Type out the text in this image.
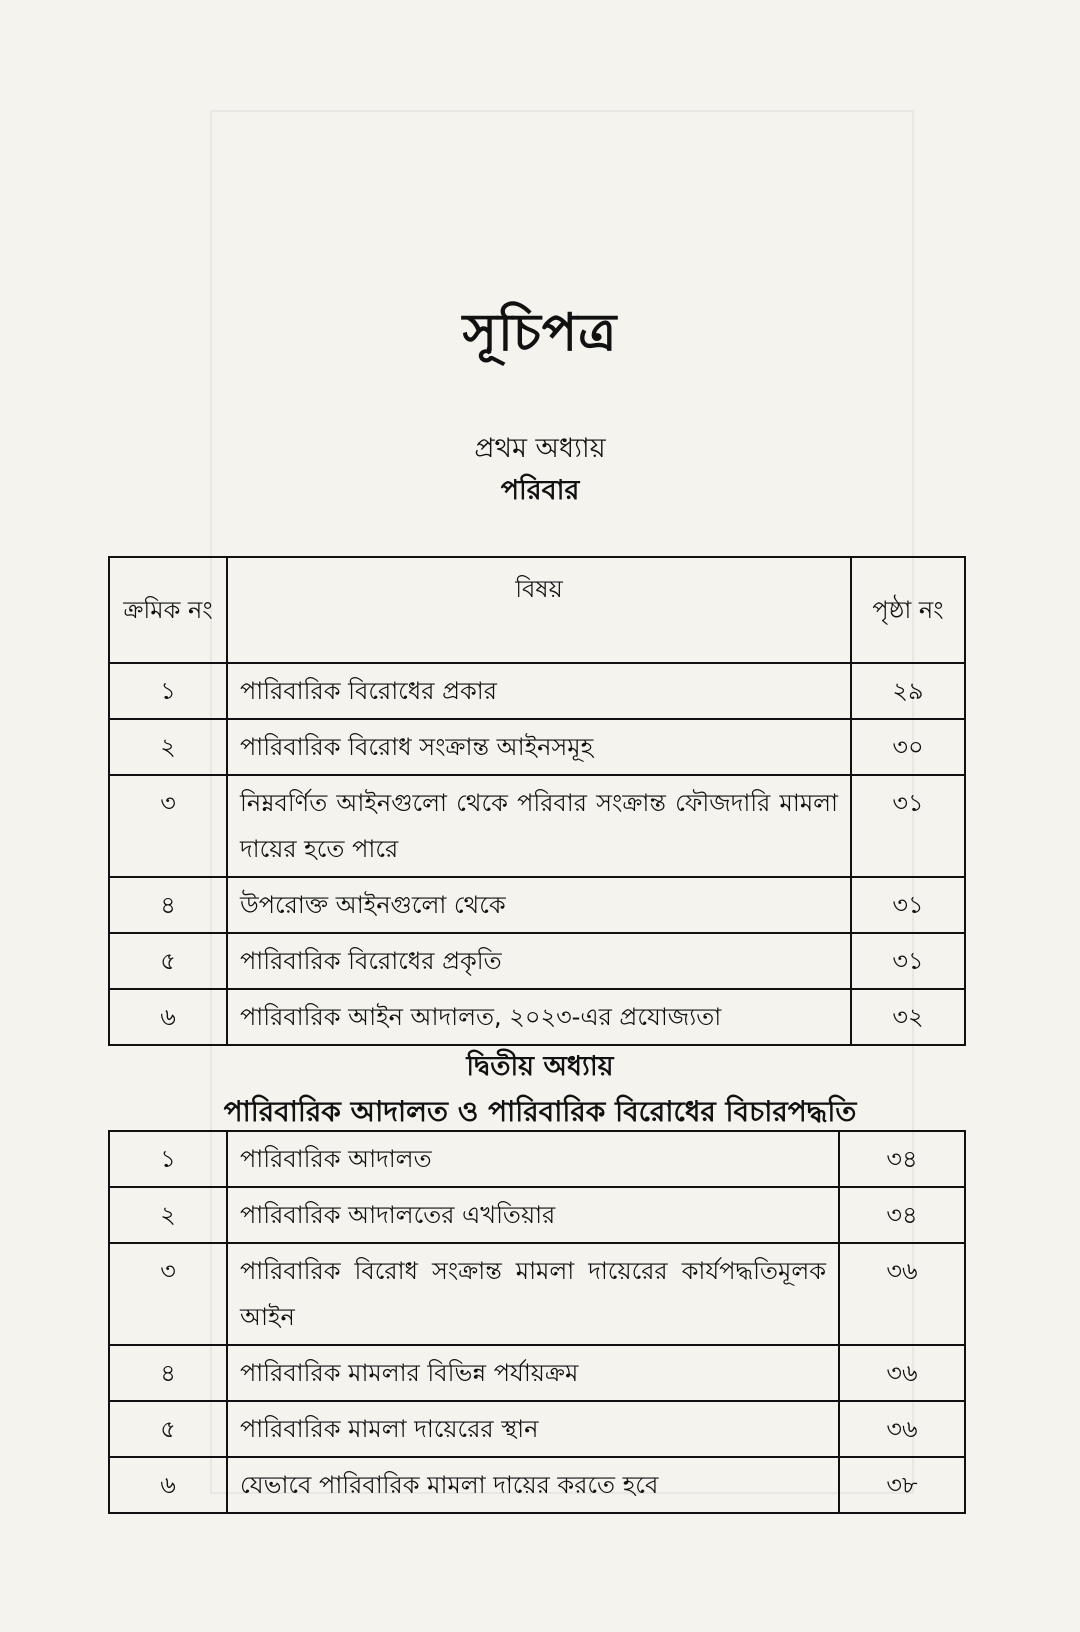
সূচিপত্র
প্রথম অধ্যায়
পরিবার
ক্রমিক নং	বিষয়	পৃষ্ঠা নং
১	পারিবারিক বিরোধের প্রকার	২৯
২	পারিবারিক বিরোধ সংক্রান্ত আইনসমূহ	৩০
৩	নিম্নবর্ণিত আইনগুলো থেকে পরিবার সংক্রান্ত ফৌজদারি মামলা দায়ের হতে পারে	৩১
৪	উপরোক্ত আইনগুলো থেকে	৩১
৫	পারিবারিক বিরোধের প্রকৃতি	৩১
৬	পারিবারিক আইন আদালত, ২০২৩-এর প্রযোজ্যতা	৩২
দ্বিতীয় অধ্যায়
পারিবারিক আদালত ও পারিবারিক বিরোধের বিচারপদ্ধতি
১	পারিবারিক আদালত	৩৪
২	পারিবারিক আদালতের এখতিয়ার	৩৪
৩	পারিবারিক বিরোধ সংক্রান্ত মামলা দায়েরের কার্যপদ্ধতিমূলক আইন	৩৬
৪	পারিবারিক মামলার বিভিন্ন পর্যায়ক্রম	৩৬
৫	পারিবারিক মামলা দায়েরের স্থান	৩৬
৬	যেভাবে পারিবারিক মামলা দায়ের করতে হবে	৩৮
